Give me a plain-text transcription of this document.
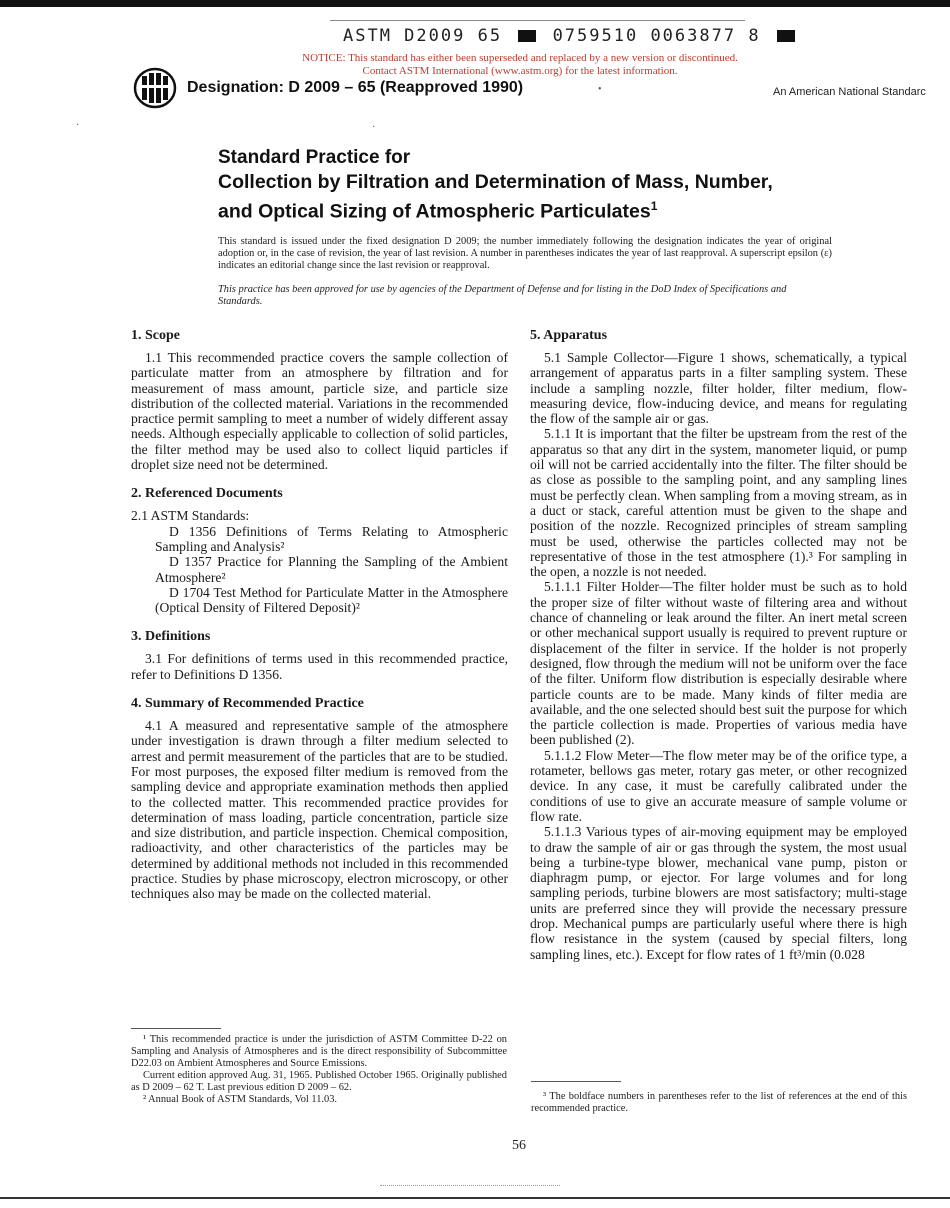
ASTM D2009 65	0759510 0063877 8
NOTICE: This standard has either been superseded and replaced by a new version or discontinued.
Contact ASTM International (www.astm.org) for the latest information.
Designation: D 2009 – 65 (Reapproved 1990)	An American National Standarc
•
·	·
Standard Practice for
Collection by Filtration and Determination of Mass, Number,
and Optical Sizing of Atmospheric Particulates$^1$
This standard is issued under the fixed designation D 2009; the number immediately following the designation indicates the year of original adoption or, in the case of revision, the year of last revision. A number in parentheses indicates the year of last reapproval. A superscript epsilon (ε) indicates an editorial change since the last revision or reapproval.
This practice has been approved for use by agencies of the Department of Defense and for listing in the DoD Index of Specifications and Standards.
1. Scope

1.1 This recommended practice covers the sample collection of particulate matter from an atmosphere by filtration and for measurement of mass amount, particle size, and particle size distribution of the collected material. Variations in the recommended practice permit sampling to meet a number of widely different assay needs. Although especially applicable to collection of solid particles, the filter method may be used also to collect liquid particles if droplet size need not be determined.

2. Referenced Documents

2.1 ASTM Standards:

D 1356 Definitions of Terms Relating to Atmospheric Sampling and Analysis²

D 1357 Practice for Planning the Sampling of the Ambient Atmosphere²

D 1704 Test Method for Particulate Matter in the Atmosphere (Optical Density of Filtered Deposit)²

3. Definitions

3.1 For definitions of terms used in this recommended practice, refer to Definitions D 1356.

4. Summary of Recommended Practice

4.1 A measured and representative sample of the atmosphere under investigation is drawn through a filter medium selected to arrest and permit measurement of the particles that are to be studied. For most purposes, the exposed filter medium is removed from the sampling device and appropriate examination methods then applied to the collected matter. This recommended practice provides for determination of mass loading, particle concentration, particle size and size distribution, and particle inspection. Chemical composition, radioactivity, and other characteristics of the particles may be determined by additional methods not included in this recommended practice. Studies by phase microscopy, electron microscopy, or other techniques also may be made on the collected material.

5. Apparatus

5.1 Sample Collector—Figure 1 shows, schematically, a typical arrangement of apparatus parts in a filter sampling system. These include a sampling nozzle, filter holder, filter medium, flow-measuring device, flow-inducing device, and means for regulating the flow of the sample air or gas.

5.1.1 It is important that the filter be upstream from the rest of the apparatus so that any dirt in the system, manometer liquid, or pump oil will not be carried accidentally into the filter. The filter should be as close as possible to the sampling point, and any sampling lines must be perfectly clean. When sampling from a moving stream, as in a duct or stack, careful attention must be given to the shape and position of the nozzle. Recognized principles of stream sampling must be used, otherwise the particles collected may not be representative of those in the test atmosphere (1).³ For sampling in the open, a nozzle is not needed.

5.1.1.1 Filter Holder—The filter holder must be such as to hold the proper size of filter without waste of filtering area and without chance of channeling or leak around the filter. An inert metal screen or other mechanical support usually is required to prevent rupture or displacement of the filter in service. If the holder is not properly designed, flow through the medium will not be uniform over the face of the filter. Uniform flow distribution is especially desirable where particle counts are to be made. Many kinds of filter media are available, and the one selected should best suit the purpose for which the particle collection is made. Properties of various media have been published (2).

5.1.1.2 Flow Meter—The flow meter may be of the orifice type, a rotameter, bellows gas meter, rotary gas meter, or other recognized device. In any case, it must be carefully calibrated under the conditions of use to give an accurate measure of sample volume or flow rate.

5.1.1.3 Various types of air-moving equipment may be employed to draw the sample of air or gas through the system, the most usual being a turbine-type blower, mechanical vane pump, piston or diaphragm pump, or ejector. For large volumes and for long sampling periods, turbine blowers are most satisfactory; multi-stage units are preferred since they will provide the necessary pressure drop. Mechanical pumps are particularly useful where there is high flow resistance in the system (caused by special filters, long sampling lines, etc.). Except for flow rates of 1 ft³/min (0.028

¹ This recommended practice is under the jurisdiction of ASTM Committee D-22 on Sampling and Analysis of Atmospheres and is the direct responsibility of Subcommittee D22.03 on Ambient Atmospheres and Source Emissions.

Current edition approved Aug. 31, 1965. Published October 1965. Originally published as D 2009 – 62 T. Last previous edition D 2009 – 62.

² Annual Book of ASTM Standards, Vol 11.03.	³ The boldface numbers in parentheses refer to the list of references at the end of this recommended practice.

56
